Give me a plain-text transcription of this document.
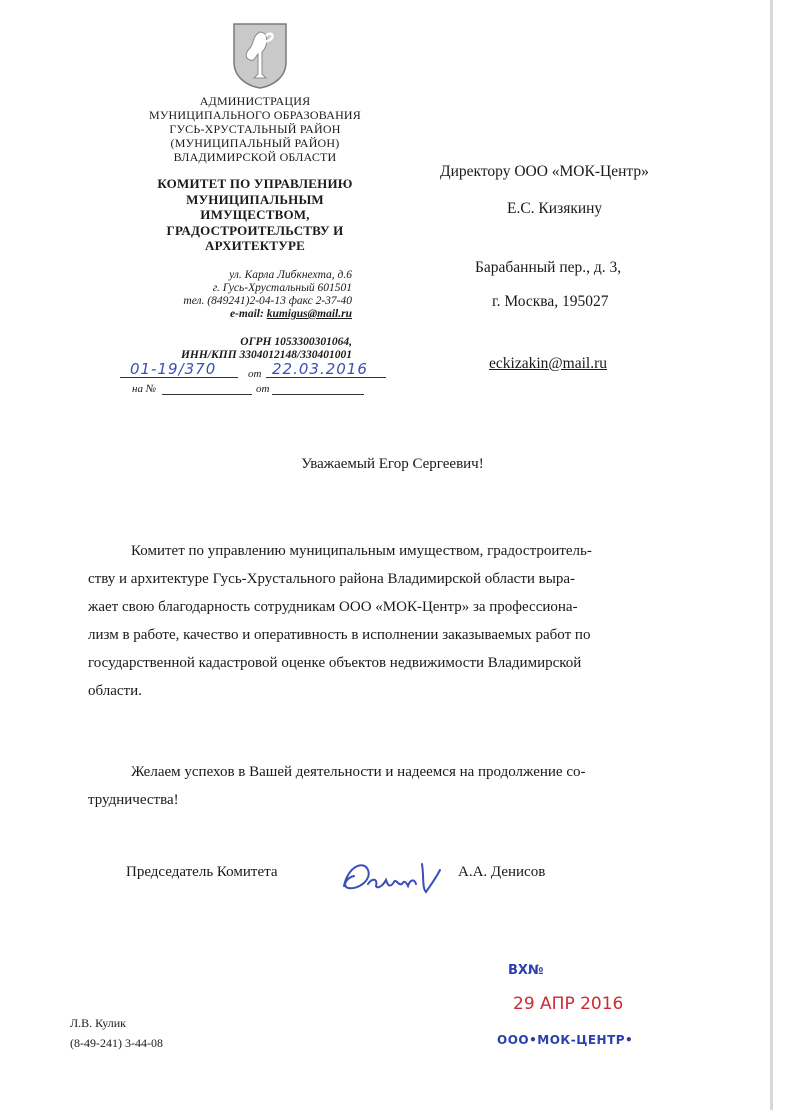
АДМИНИСТРАЦИЯ
МУНИЦИПАЛЬНОГО ОБРАЗОВАНИЯ
ГУСЬ-ХРУСТАЛЬНЫЙ РАЙОН
(МУНИЦИПАЛЬНЫЙ РАЙОН)
ВЛАДИМИРСКОЙ ОБЛАСТИ
КОМИТЕТ ПО УПРАВЛЕНИЮ
МУНИЦИПАЛЬНЫМ
ИМУЩЕСТВОМ,
ГРАДОСТРОИТЕЛЬСТВУ И
АРХИТЕКТУРЕ
ул. Карла Либкнехта, д.6
г. Гусь-Хрустальный 601501
тел. (849241)2-04-13 факс 2-37-40
e-mail: kumigus@mail.ru
ОГРН 1053300301064,
ИНН/КПП 3304012148/330401001
01-19/370	от 22.03.2016
на №	от
Директору ООО «МОК-Центр»
Е.С. Кизякину
Барабанный пер., д. 3,
г. Москва, 195027
eckizakin@mail.ru
Уважаемый Егор Сергеевич!
Комитет по управлению муниципальным имуществом, градостроитель-
ству и архитектуре Гусь-Хрустального района Владимирской области выра-
жает свою благодарность сотрудникам ООО «МОК-Центр» за профессиона-
лизм в работе, качество и оперативность в исполнении заказываемых работ по
государственной кадастровой оценке объектов недвижимости Владимирской
области.
Желаем успехов в Вашей деятельности и надеемся на продолжение со-
трудничества!
Председатель Комитета	А.А. Денисов
ВХ№
29 АПР 2016
ООО•МОК-ЦЕНТР•
Л.В. Кулик
(8-49-241) 3-44-08
